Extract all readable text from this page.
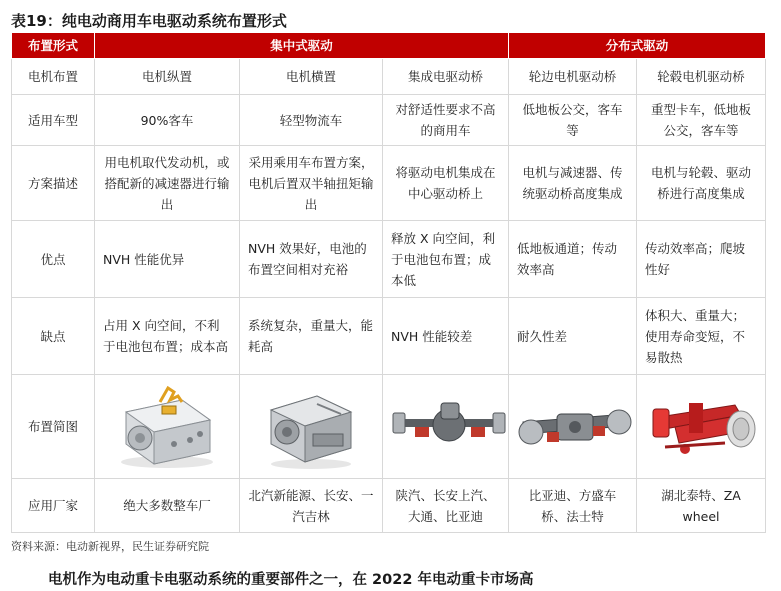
表19：纯电动商用车电驱动系统布置形式
布置形式	集中式驱动			分布式驱动	
电机布置	电机纵置	电机横置	集成电驱动桥	轮边电机驱动桥	轮毂电机驱动桥
适用车型	90%客车	轻型物流车	对舒适性要求不高的商用车	低地板公交，客车等	重型卡车，低地板公交，客车等
方案描述	用电机取代发动机，或搭配新的减速器进行输出	采用乘用车布置方案，电机后置双半轴扭矩输出	将驱动电机集成在中心驱动桥上	电机与减速器、传统驱动桥高度集成	电机与轮毂、驱动桥进行高度集成
优点	NVH 性能优异	NVH 效果好，电池的布置空间相对充裕	释放 X 向空间，利于电池包布置；成本低	低地板通道；传动效率高	传动效率高；爬坡性好
缺点	占用 X 向空间，不利于电池包布置；成本高	系统复杂，重量大，能耗高	NVH 性能较差	耐久性差	体积大、重量大；使用寿命变短，不易散热
布置简图	

应用厂家	绝大多数整车厂	北汽新能源、长安、一汽吉林	陕汽、长安上汽、大通、比亚迪	比亚迪、方盛车桥、法士特	湖北泰特、ZA wheel
资料来源：电动新视界，民生证券研究院
电机作为电动重卡电驱动系统的重要部件之一，在 2022 年电动重卡市场高
